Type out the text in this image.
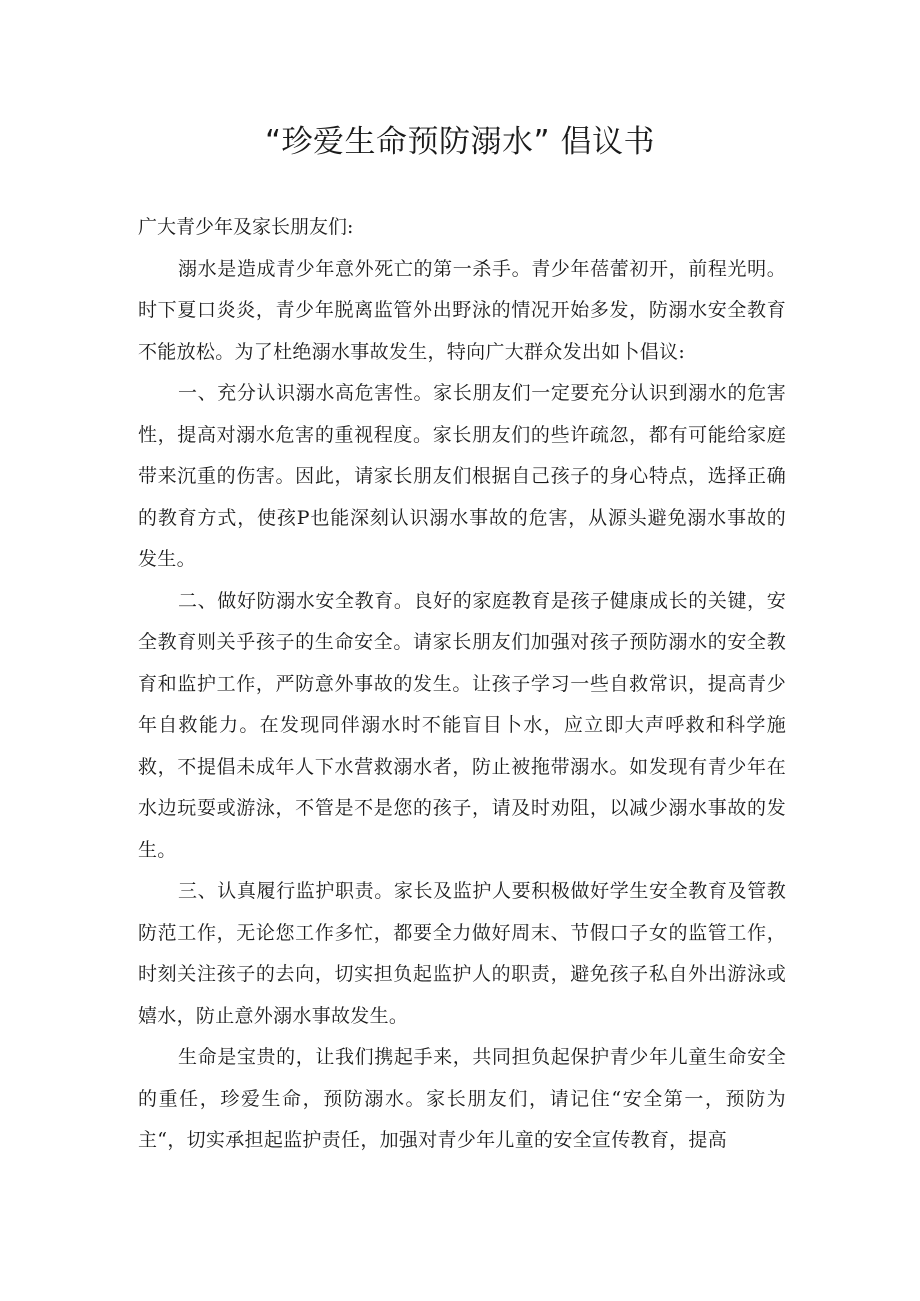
“珍爱生命预防溺水” 倡议书

广大青少年及家长朋友们:

溺水是造成青少年意外死亡的第一杀手。青少年蓓蕾初开，前程光明。时下夏口炎炎，青少年脱离监管外出野泳的情况开始多发，防溺水安全教育不能放松。为了杜绝溺水事故发生，特向广大群众发出如卜倡议:

一、充分认识溺水高危害性。家长朋友们一定要充分认识到溺水的危害性，提高对溺水危害的重视程度。家长朋友们的些许疏忽，都有可能给家庭带来沉重的伤害。因此，请家长朋友们根据自己孩子的身心特点，选择正确的教育方式，使孩P也能深刻认识溺水事故的危害，从源头避免溺水事故的发生。

二、做好防溺水安全教育。良好的家庭教育是孩子健康成长的关键，安全教育则关乎孩子的生命安全。请家长朋友们加强对孩子预防溺水的安全教育和监护工作，严防意外事故的发生。让孩子学习一些自救常识，提高青少年自救能力。在发现同伴溺水时不能盲目卜水，应立即大声呼救和科学施救，不提倡未成年人下水营救溺水者，防止被拖带溺水。如发现有青少年在水边玩耍或游泳，不管是不是您的孩子，请及时劝阻，以减少溺水事故的发生。

三、认真履行监护职责。家长及监护人要积极做好学生安全教育及管教防范工作，无论您工作多忙，都要全力做好周末、节假口子女的监管工作，时刻关注孩子的去向，切实担负起监护人的职责，避免孩子私自外出游泳或嬉水，防止意外溺水事故发生。

生命是宝贵的，让我们携起手来，共同担负起保护青少年儿童生命安全的重任，珍爱生命，预防溺水。家长朋友们，请记住“安全第一，预防为主“，切实承担起监护责任，加强对青少年儿童的安全宣传教育，提高
